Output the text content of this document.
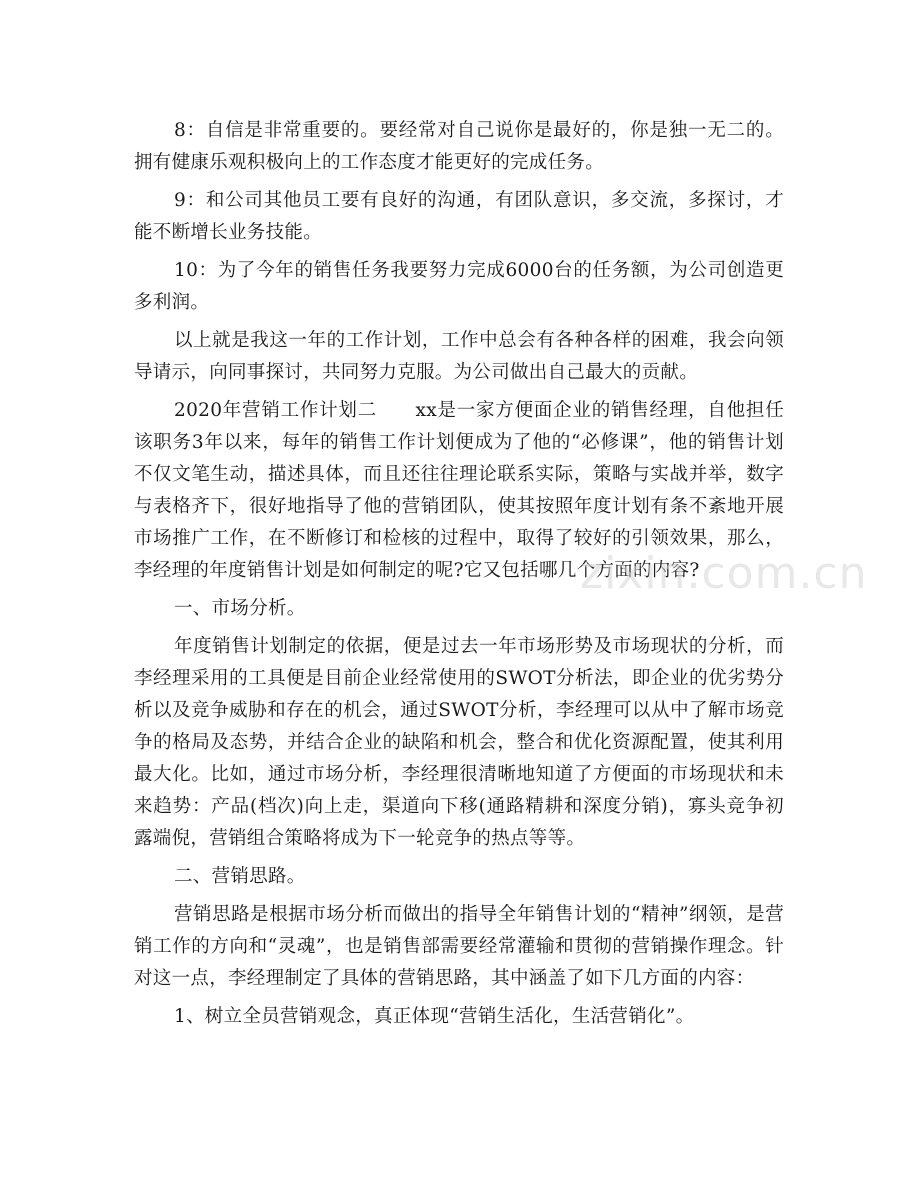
8：自信是非常重要的。要经常对自己说你是最好的，你是独一无二的。拥有健康乐观积极向上的工作态度才能更好的完成任务。

9：和公司其他员工要有良好的沟通，有团队意识，多交流，多探讨，才能不断增长业务技能。

10：为了今年的销售任务我要努力完成6000台的任务额，为公司创造更多利润。

以上就是我这一年的工作计划，工作中总会有各种各样的困难，我会向领导请示，向同事探讨，共同努力克服。为公司做出自己最大的贡献。

2020年营销工作计划二　　xx是一家方便面企业的销售经理，自他担任该职务3年以来，每年的销售工作计划便成为了他的“必修课”，他的销售计划不仅文笔生动，描述具体，而且还往往理论联系实际，策略与实战并举，数字与表格齐下，很好地指导了他的营销团队，使其按照年度计划有条不紊地开展市场推广工作，在不断修订和检核的过程中，取得了较好的引领效果，那么，李经理的年度销售计划是如何制定的呢?它又包括哪几个方面的内容?

一、市场分析。

年度销售计划制定的依据，便是过去一年市场形势及市场现状的分析，而李经理采用的工具便是目前企业经常使用的SWOT分析法，即企业的优劣势分析以及竞争威胁和存在的机会，通过SWOT分析，李经理可以从中了解市场竞争的格局及态势，并结合企业的缺陷和机会，整合和优化资源配置，使其利用最大化。比如，通过市场分析，李经理很清晰地知道了方便面的市场现状和未来趋势：产品(档次)向上走，渠道向下移(通路精耕和深度分销)，寡头竞争初露端倪，营销组合策略将成为下一轮竞争的热点等等。

二、营销思路。

营销思路是根据市场分析而做出的指导全年销售计划的“精神”纲领，是营销工作的方向和“灵魂”，也是销售部需要经常灌输和贯彻的营销操作理念。针对这一点，李经理制定了具体的营销思路，其中涵盖了如下几方面的内容：

1、树立全员营销观念，真正体现“营销生活化，生活营销化”。

zixin.com.cn
